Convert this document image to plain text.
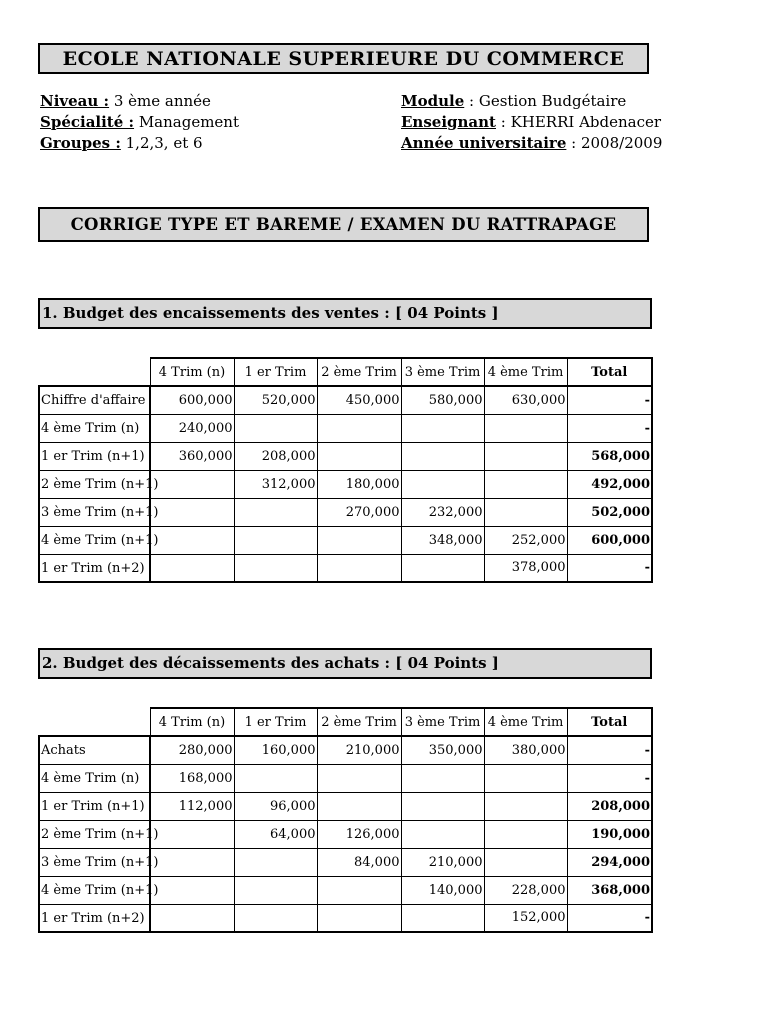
ECOLE NATIONALE SUPERIEURE DU COMMERCE
Niveau : 3 ème année
Spécialité : Management
Groupes : 1,2,3, et 6
Module : Gestion Budgétaire
Enseignant : KHERRI Abdenacer
Année universitaire : 2008/2009
CORRIGE TYPE ET BAREME / EXAMEN DU RATTRAPAGE
1. Budget des encaissements des ventes : [ 04 Points ]
	4 Trim (n)	1 er Trim	2 ème Trim	3 ème Trim	4 ème Trim	Total

Chiffre d'affaire	600,000	520,000	450,000	580,000	630,000	-

4 ème Trim (n)	240,000					-

1 er Trim (n+1)	360,000	208,000				568,000

2 ème Trim (n+1)		312,000	180,000			492,000

3 ème Trim (n+1)			270,000	232,000		502,000

4 ème Trim (n+1)				348,000	252,000	600,000

1 er Trim (n+2)					378,000	-
2. Budget des décaissements des achats : [ 04 Points ]
	4 Trim (n)	1 er Trim	2 ème Trim	3 ème Trim	4 ème Trim	Total

Achats	280,000	160,000	210,000	350,000	380,000	-

4 ème Trim (n)	168,000					-

1 er Trim (n+1)	112,000	96,000				208,000

2 ème Trim (n+1)		64,000	126,000			190,000

3 ème Trim (n+1)			84,000	210,000		294,000

4 ème Trim (n+1)				140,000	228,000	368,000

1 er Trim (n+2)					152,000	-
